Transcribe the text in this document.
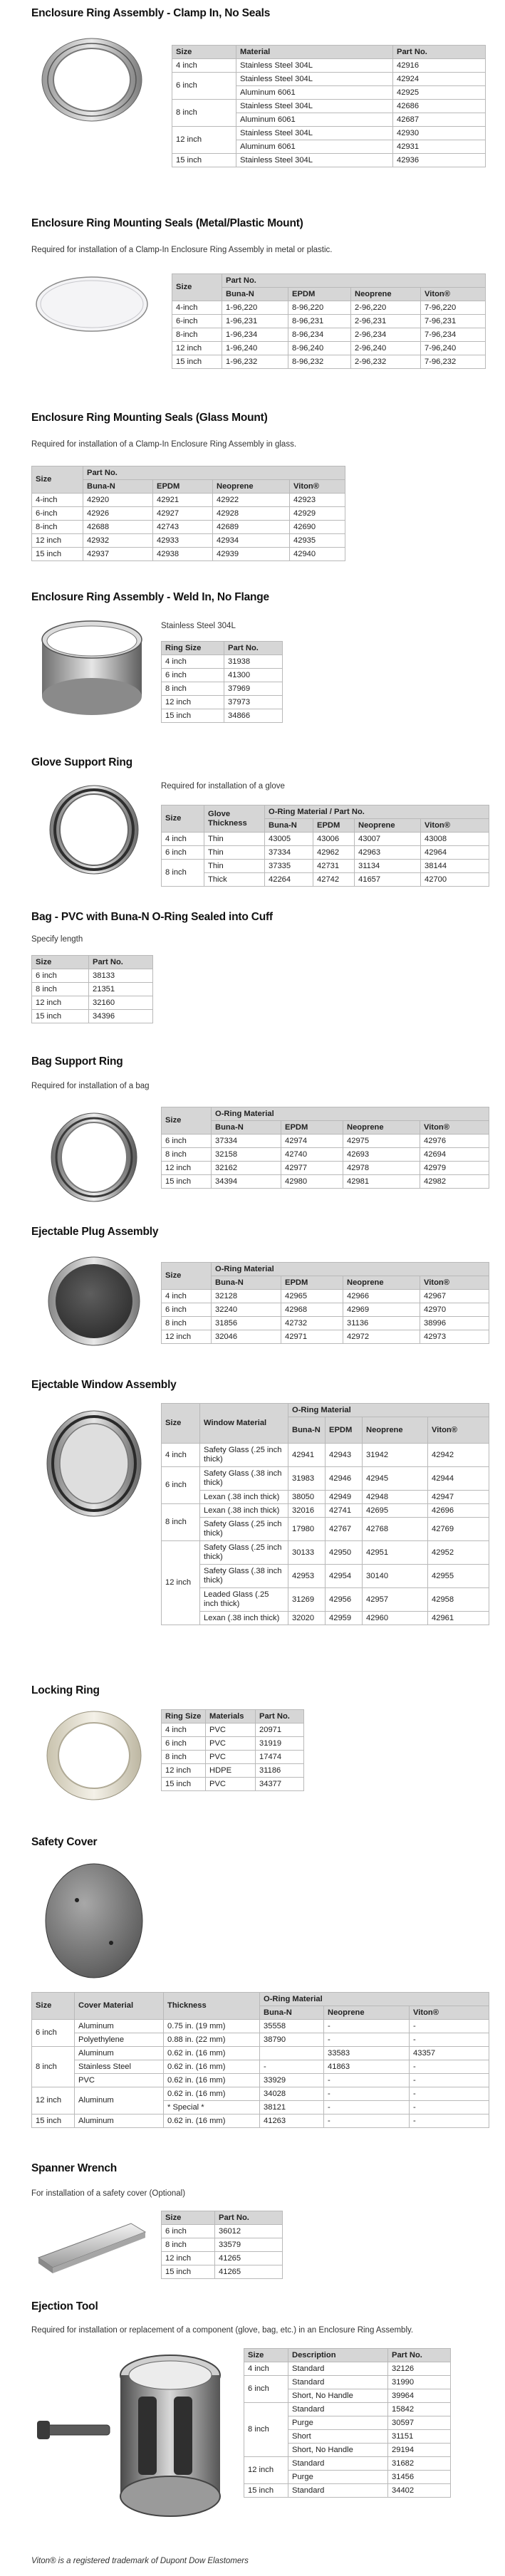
Enclosure Ring Assembly - Clamp In, No Seals
Size	Material	Part No.
4 inch	Stainless Steel 304L	42916
6 inch	Stainless Steel 304L	42924
	Aluminum 6061	42925
8 inch	Stainless Steel 304L	42686
	Aluminum 6061	42687
12 inch	Stainless Steel 304L	42930
	Aluminum 6061	42931
15 inch	Stainless Steel 304L	42936
Enclosure Ring Mounting Seals (Metal/Plastic Mount)
Required for installation of a Clamp-In Enclosure Ring Assembly in metal or plastic.
Size	Part No.			
	Buna-N	EPDM	Neoprene	Viton®
4-inch	1-96,220	8-96,220	2-96,220	7-96,220
6-inch	1-96,231	8-96,231	2-96,231	7-96,231
8-inch	1-96,234	8-96,234	2-96,234	7-96,234
12 inch	1-96,240	8-96,240	2-96,240	7-96,240
15 inch	1-96,232	8-96,232	2-96,232	7-96,232
Enclosure Ring Mounting Seals (Glass Mount)
Required for installation of a Clamp-In Enclosure Ring Assembly in glass.
Size	Part No.			
	Buna-N	EPDM	Neoprene	Viton®
4-inch	42920	42921	42922	42923
6-inch	42926	42927	42928	42929
8-inch	42688	42743	42689	42690
12 inch	42932	42933	42934	42935
15 inch	42937	42938	42939	42940
Enclosure Ring Assembly - Weld In, No Flange
Stainless Steel 304L
Ring Size	Part No.
4 inch	31938
6 inch	41300
8 inch	37969
12 inch	37973
15 inch	34866
Glove Support Ring
Required for installation of a glove
Size	Glove Thickness	O-Ring Material / Part No.			
		Buna-N	EPDM	Neoprene	Viton®
4 inch	Thin	43005	43006	43007	43008
6 inch	Thin	37334	42962	42963	42964
8 inch	Thin	37335	42731	31134	38144
	Thick	42264	42742	41657	42700
Bag - PVC with Buna-N O-Ring Sealed into Cuff
Specify length
Size	Part No.
6 inch	38133
8 inch	21351
12 inch	32160
15 inch	34396
Bag Support Ring
Required for installation of a bag
Size	O-Ring Material			
	Buna-N	EPDM	Neoprene	Viton®
6 inch	37334	42974	42975	42976
8 inch	32158	42740	42693	42694
12 inch	32162	42977	42978	42979
15 inch	34394	42980	42981	42982
Ejectable Plug Assembly
Size	O-Ring Material			
	Buna-N	EPDM	Neoprene	Viton®
4 inch	32128	42965	42966	42967
6 inch	32240	42968	42969	42970
8 inch	31856	42732	31136	38996
12 inch	32046	42971	42972	42973
Ejectable Window Assembly
Size	Window Material	O-Ring Material			
		Buna-N	EPDM	Neoprene	Viton®
4 inch	Safety Glass (.25 inch thick)	42941	42943	31942	42942
6 inch	Safety Glass (.38 inch thick)	31983	42946	42945	42944
	Lexan (.38 inch thick)	38050	42949	42948	42947
8 inch	Lexan (.38 inch thick)	32016	42741	42695	42696
	Safety Glass (.25 inch thick)	17980	42767	42768	42769
12 inch	Safety Glass (.25 inch thick)	30133	42950	42951	42952
	Safety Glass (.38 inch thick)	42953	42954	30140	42955
	Leaded Glass (.25 inch thick)	31269	42956	42957	42958
	Lexan (.38 inch thick)	32020	42959	42960	42961
Locking Ring
Ring Size	Materials	Part No.
4 inch	PVC	20971
6 inch	PVC	31919
8 inch	PVC	17474
12 inch	HDPE	31186
15 inch	PVC	34377
Safety Cover
Size	Cover Material	Thickness	O-Ring Material		
			Buna-N	Neoprene	Viton®
6 inch	Aluminum	0.75 in. (19 mm)	35558	-	-
	Polyethylene	0.88 in. (22 mm)	38790	-	-
8 inch	Aluminum	0.62 in. (16 mm)		33583	43357
	Stainless Steel	0.62 in. (16 mm)	-	41863	-
	PVC	0.62 in. (16 mm)	33929	-	-
12 inch	Aluminum	0.62 in. (16 mm)	34028	-	-
		* Special *	38121	-	-
15 inch	Aluminum	0.62 in. (16 mm)	41263	-	-
Spanner Wrench
For installation of a safety cover (Optional)
Size	Part No.
6 inch	36012
8 inch	33579
12 inch	41265
15 inch	41265
Ejection Tool
Required for installation or replacement of a component (glove, bag, etc.) in an Enclosure Ring Assembly.
Size	Description	Part No.
4 inch	Standard	32126
6 inch	Standard	31990
	Short, No Handle	39964
8 inch	Standard	15842
	Purge	30597
	Short	31151
	Short, No Handle	29194
12 inch	Standard	31682
	Purge	31456
15 inch	Standard	34402
Viton® is a registered trademark of Dupont Dow Elastomers
